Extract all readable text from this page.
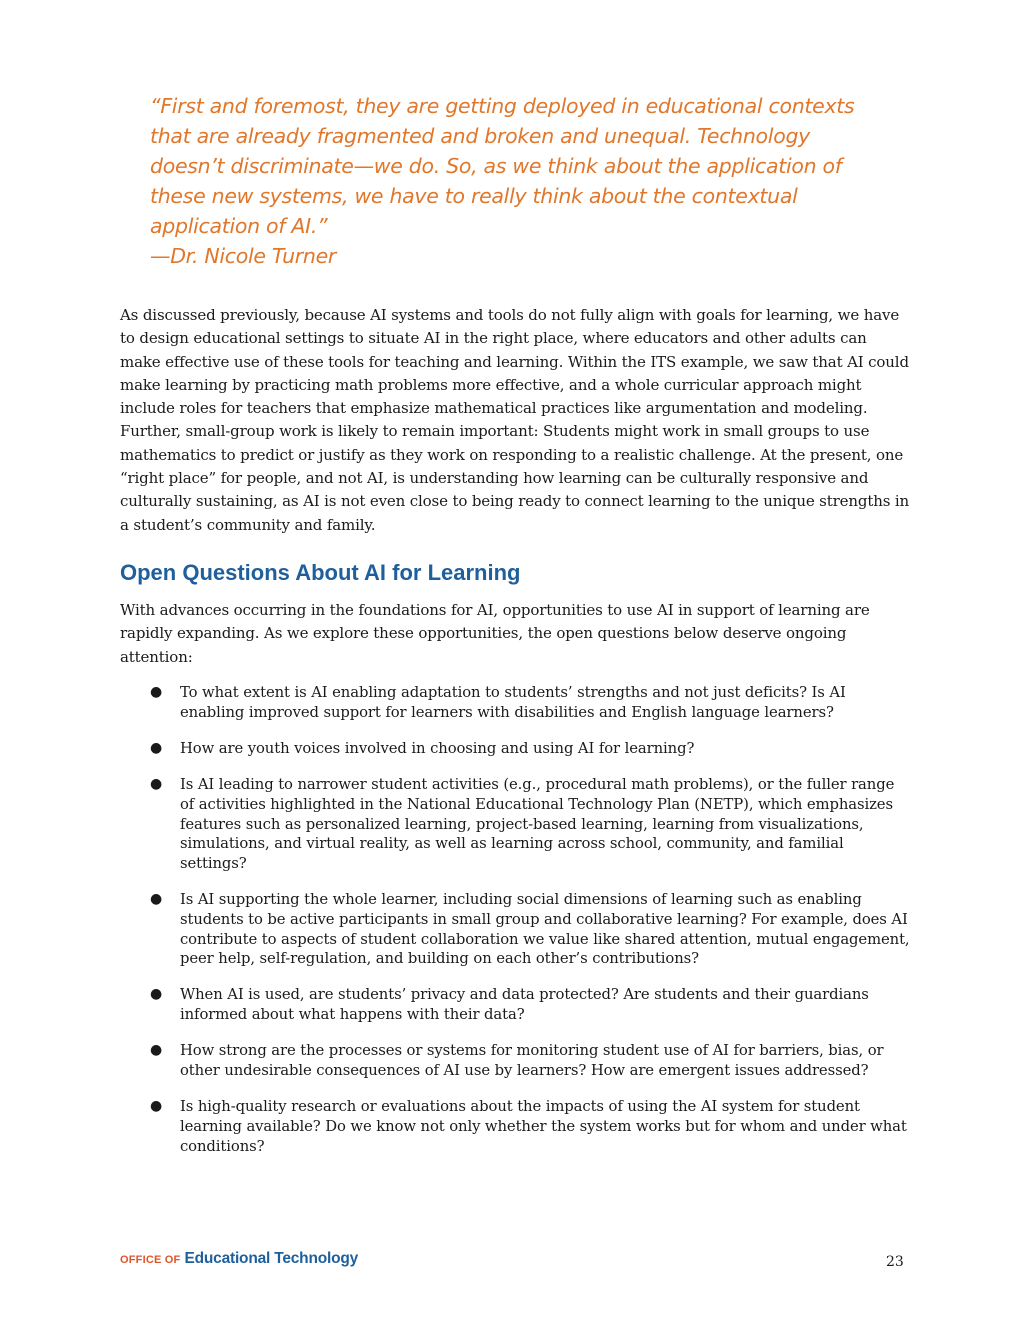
“First and foremost, they are getting deployed in educational contexts that are already fragmented and broken and unequal. Technology doesn’t discriminate—we do. So, as we think about the application of these new systems, we have to really think about the contextual application of AI.”

—Dr. Nicole Turner

As discussed previously, because AI systems and tools do not fully align with goals for learning, we have to design educational settings to situate AI in the right place, where educators and other adults can make effective use of these tools for teaching and learning. Within the ITS example, we saw that AI could make learning by practicing math problems more effective, and a whole curricular approach might include roles for teachers that emphasize mathematical practices like argumentation and modeling. Further, small-group work is likely to remain important: Students might work in small groups to use mathematics to predict or justify as they work on responding to a realistic challenge. At the present, one “right place” for people, and not AI, is understanding how learning can be culturally responsive and culturally sustaining, as AI is not even close to being ready to connect learning to the unique strengths in a student’s community and family.

Open Questions About AI for Learning

With advances occurring in the foundations for AI, opportunities to use AI in support of learning are rapidly expanding. As we explore these opportunities, the open questions below deserve ongoing attention:

● To what extent is AI enabling adaptation to students’ strengths and not just deficits? Is AI enabling improved support for learners with disabilities and English language learners?
● How are youth voices involved in choosing and using AI for learning?
● Is AI leading to narrower student activities (e.g., procedural math problems), or the fuller range of activities highlighted in the National Educational Technology Plan (NETP), which emphasizes features such as personalized learning, project-based learning, learning from visualizations, simulations, and virtual reality, as well as learning across school, community, and familial settings?
● Is AI supporting the whole learner, including social dimensions of learning such as enabling students to be active participants in small group and collaborative learning? For example, does AI contribute to aspects of student collaboration we value like shared attention, mutual engagement, peer help, self-regulation, and building on each other’s contributions?
● When AI is used, are students’ privacy and data protected? Are students and their guardians informed about what happens with their data?
● How strong are the processes or systems for monitoring student use of AI for barriers, bias, or other undesirable consequences of AI use by learners? How are emergent issues addressed?
● Is high-quality research or evaluations about the impacts of using the AI system for student learning available? Do we know not only whether the system works but for whom and under what conditions?
OFFICE OF Educational Technology	23
